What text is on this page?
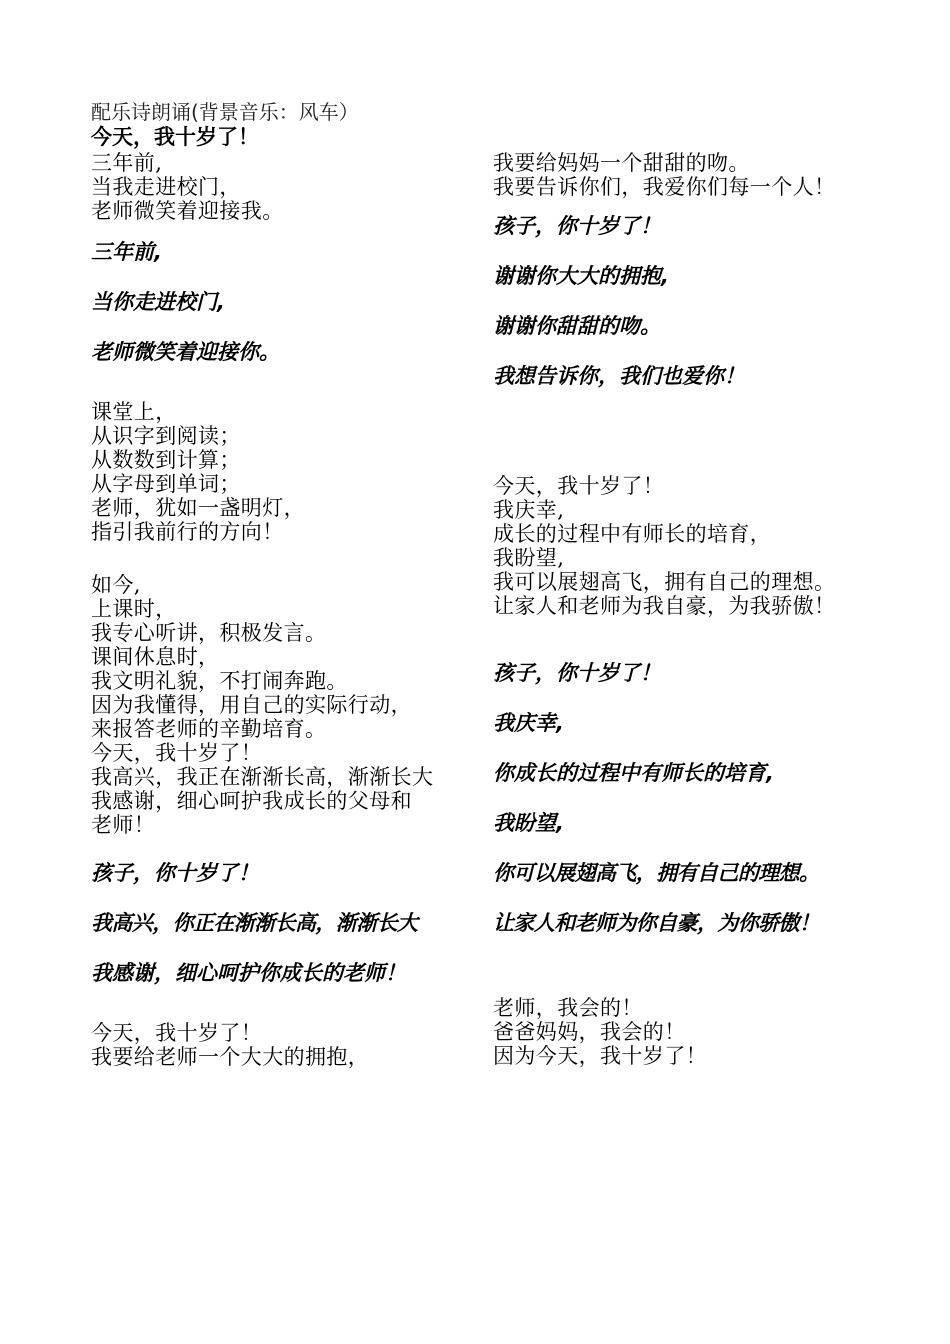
配乐诗朗诵(背景音乐：风车）
今天，我十岁了！
三年前,
当我走进校门，
老师微笑着迎接我。
三年前,
当你走进校门,
老师微笑着迎接你。
课堂上，
从识字到阅读；
从数数到计算；
从字母到单词；
老师，犹如一盏明灯，
指引我前行的方向！
如今,
上课时，
我专心听讲，积极发言。
课间休息时，
我文明礼貌，不打闹奔跑。
因为我懂得，用自己的实际行动，
来报答老师的辛勤培育。
今天，我十岁了！
我高兴，我正在渐渐长高，渐渐长大
我感谢，细心呵护我成长的父母和
老师！
孩子，你十岁了！
我高兴，你正在渐渐长高，渐渐长大
我感谢，细心呵护你成长的老师！
今天，我十岁了！
我要给老师一个大大的拥抱，
我要给妈妈一个甜甜的吻。
我要告诉你们，我爱你们每一个人！
孩子，你十岁了！
谢谢你大大的拥抱,
谢谢你甜甜的吻。
我想告诉你，我们也爱你！
今天，我十岁了！
我庆幸,
成长的过程中有师长的培育，
我盼望,
我可以展翅高飞，拥有自己的理想。
让家人和老师为我自豪，为我骄傲！
孩子，你十岁了！
我庆幸,
你成长的过程中有师长的培育,
我盼望,
你可以展翅高飞，拥有自己的理想。
让家人和老师为你自豪，为你骄傲！
老师，我会的！
爸爸妈妈，我会的！
因为今天，我十岁了！
